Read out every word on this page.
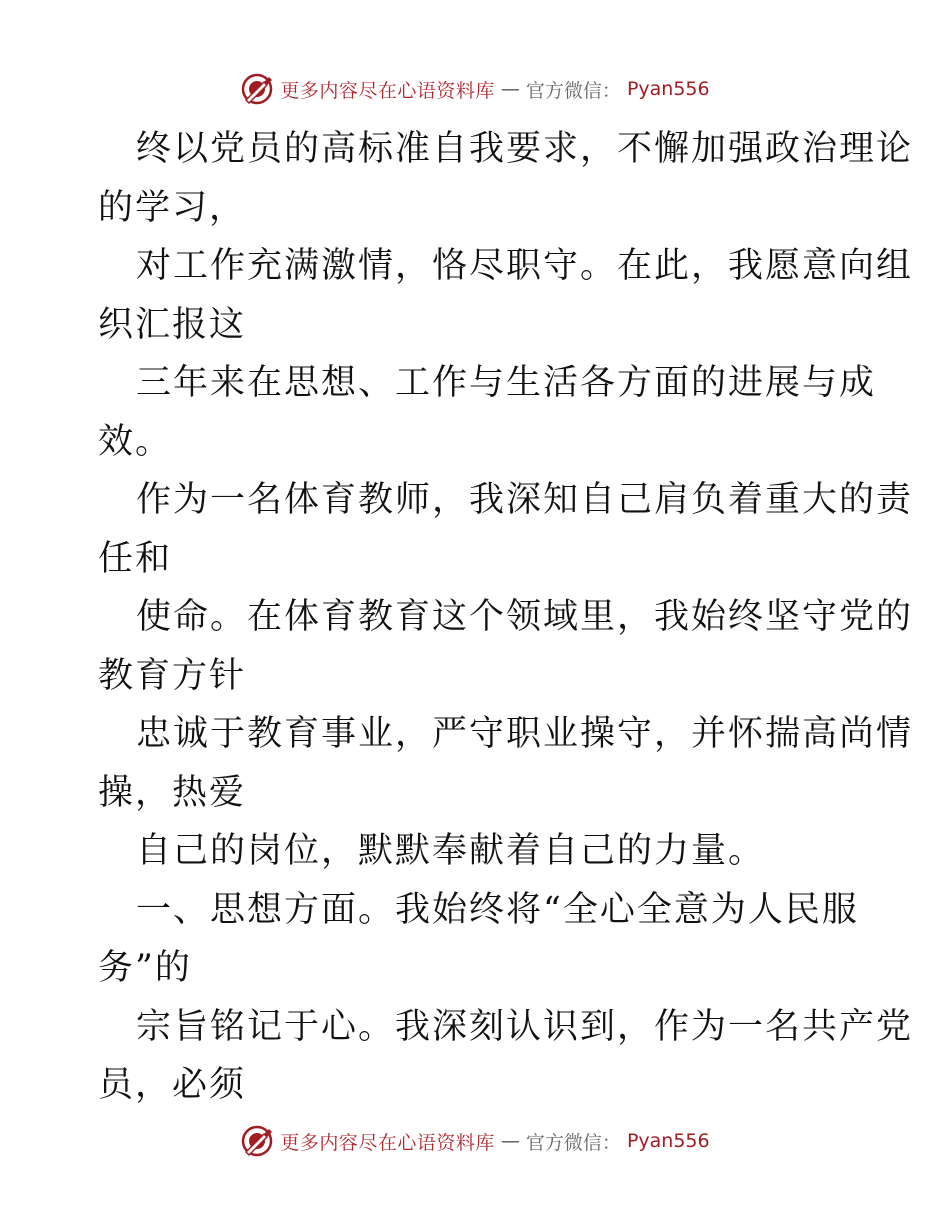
更多内容尽在心语资料库 — 官方微信： Pyan556
终以党员的高标准自我要求，不懈加强政治理论
的学习，
对工作充满激情，恪尽职守。在此，我愿意向组
织汇报这
三年来在思想、工作与生活各方面的进展与成
效。
作为一名体育教师，我深知自己肩负着重大的责
任和
使命。在体育教育这个领域里，我始终坚守党的
教育方针
忠诚于教育事业，严守职业操守，并怀揣高尚情
操，热爱
自己的岗位，默默奉献着自己的力量。
一、思想方面。我始终将“全心全意为人民服
务”的
宗旨铭记于心。我深刻认识到，作为一名共产党
员，必须
更多内容尽在心语资料库 — 官方微信： Pyan556
